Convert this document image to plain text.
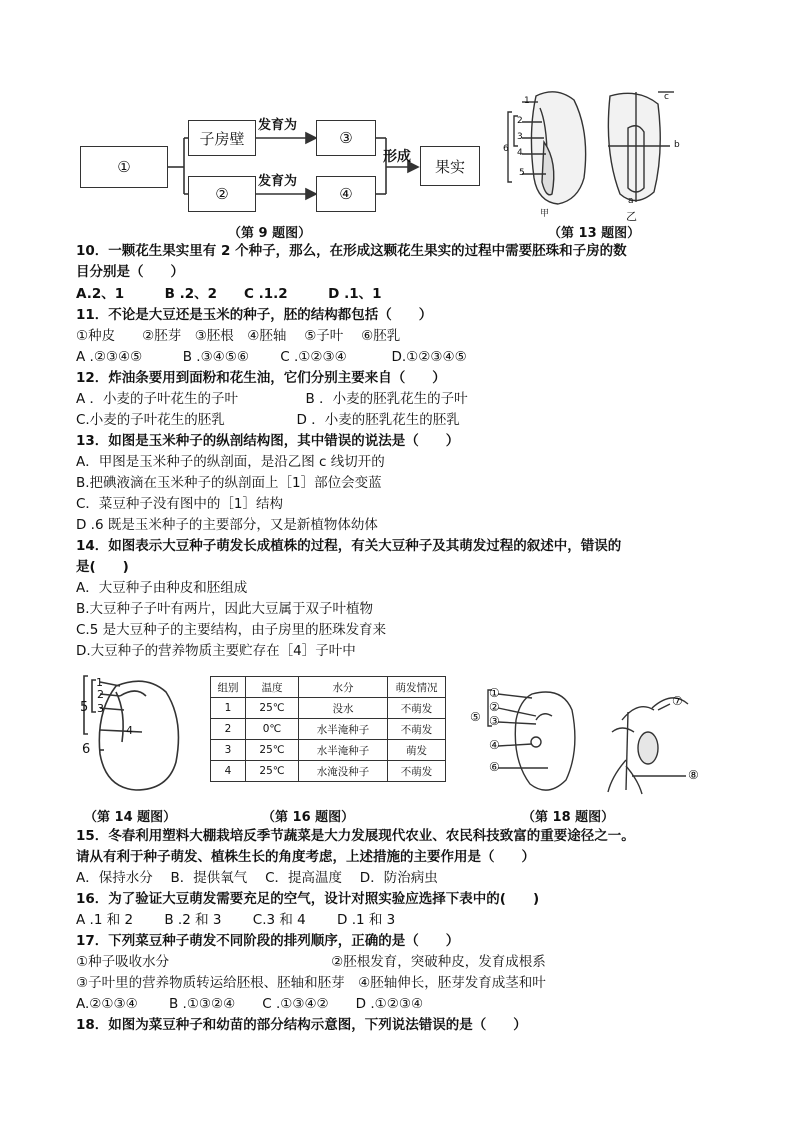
①
子房壁
②
发育为
发育为
③
④
形成
果实
（第 9 题图）
1
2
3
4
5
6
c
b
a
甲	乙
（第 13 题图）
10．一颗花生果实里有 2 个种子，那么，在形成这颗花生果实的过程中需要胚珠和子房的数
目分别是（　　）
A.2、1　　　B .2、2　　C .1.2　　　D .1、1
11．不论是大豆还是玉米的种子，胚的结构都包括（　　）
①种皮　　②胚芽　③胚根　④胚轴　 ⑤子叶　 ⑥胚乳
A .②③④⑤　　　B .③④⑤⑥　　 C .①②③④　　　 D.①②③④⑤
12．炸油条要用到面粉和花生油，它们分别主要来自（　　）
A ．小麦的子叶花生的子叶　　　　　B ．小麦的胚乳花生的子叶
C.小麦的子叶花生的胚乳　　　　　 D ．小麦的胚乳花生的胚乳
13．如图是玉米种子的纵剖结构图，其中错误的说法是（　　）
A．甲图是玉米种子的纵剖面，是沿乙图 c 线切开的
B.把碘液滴在玉米种子的纵剖面上［1］部位会变蓝
C．菜豆种子没有图中的［1］结构
D .6 既是玉米种子的主要部分，又是新植物体幼体
14．如图表示大豆种子萌发长成植株的过程，有关大豆种子及其萌发过程的叙述中，错误的
是(　　)
A．大豆种子由种皮和胚组成
B.大豆种子子叶有两片，因此大豆属于双子叶植物
C.5 是大豆种子的主要结构，由子房里的胚珠发育来
D.大豆种子的营养物质主要贮存在［4］子叶中
1
2
3
4
5
6
（第 14 题图）
组别	温度	水分	萌发情况
1	25℃	没水	不萌发
2	0℃	水半淹种子	不萌发
3	25℃	水半淹种子	萌发
4	25℃	水淹没种子	不萌发
（第 16 题图）
①
②
③
④
⑤
⑥
⑦
⑧
（第 18 题图）
15．冬春利用塑料大棚栽培反季节蔬菜是大力发展现代农业、农民科技致富的重要途径之一。
请从有利于种子萌发、植株生长的角度考虑，上述措施的主要作用是（　　）
A．保持水分　 B．提供氧气　 C．提高温度　 D．防治病虫
16．为了验证大豆萌发需要充足的空气，设计对照实验应选择下表中的(　　)
A .1 和 2　　 B .2 和 3　　 C.3 和 4　　 D .1 和 3
17．下列菜豆种子萌发不同阶段的排列顺序，正确的是（　　）
①种子吸收水分　　　　　　　　　　　　②胚根发育，突破种皮，发育成根系
③子叶里的营养物质转运给胚根、胚轴和胚芽　④胚轴伸长，胚芽发育成茎和叶
A.②①③④　　 B .①③②④　　C .①③④②　　D .①②③④
18．如图为菜豆种子和幼苗的部分结构示意图，下列说法错误的是（　　）
